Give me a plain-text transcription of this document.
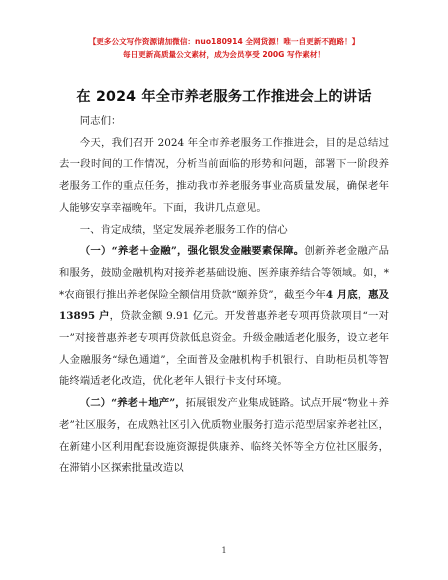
【更多公文写作资源请加微信：nuo180914 全网货源！唯一自更新不跑路！】
每日更新高质量公文素材，成为会员享受 200G 写作素材！
在 2024 年全市养老服务工作推进会上的讲话

同志们：

今天，我们召开 2024 年全市养老服务工作推进会，目的是总结过去一段时间的工作情况，分析当前面临的形势和问题，部署下一阶段养老服务工作的重点任务，推动我市养老服务事业高质量发展，确保老年人能够安享幸福晚年。下面，我讲几点意见。

一、肯定成绩，坚定发展养老服务工作的信心

（一）“养老＋金融”，强化银发金融要素保障。创新养老金融产品和服务，鼓励金融机构对接养老基础设施、医养康养结合等领域。如，**农商银行推出养老保险全额信用贷款“颐养贷”，截至今年4 月底，惠及 13895 户，贷款金额 9.91 亿元。开发普惠养老专项再贷款项目“一对一”对接普惠养老专项再贷款低息资金。升级金融适老化服务，设立老年人金融服务“绿色通道”，全面普及金融机构手机银行、自助柜员机等智能终端适老化改造，优化老年人银行卡支付环境。

（二）“养老＋地产”，拓展银发产业集成链路。试点开展“物业＋养老”社区服务，在成熟社区引入优质物业服务打造示范型居家养老社区，在新建小区利用配套设施资源提供康养、临终关怀等全方位社区服务，在滞销小区探索批量改造以

1
